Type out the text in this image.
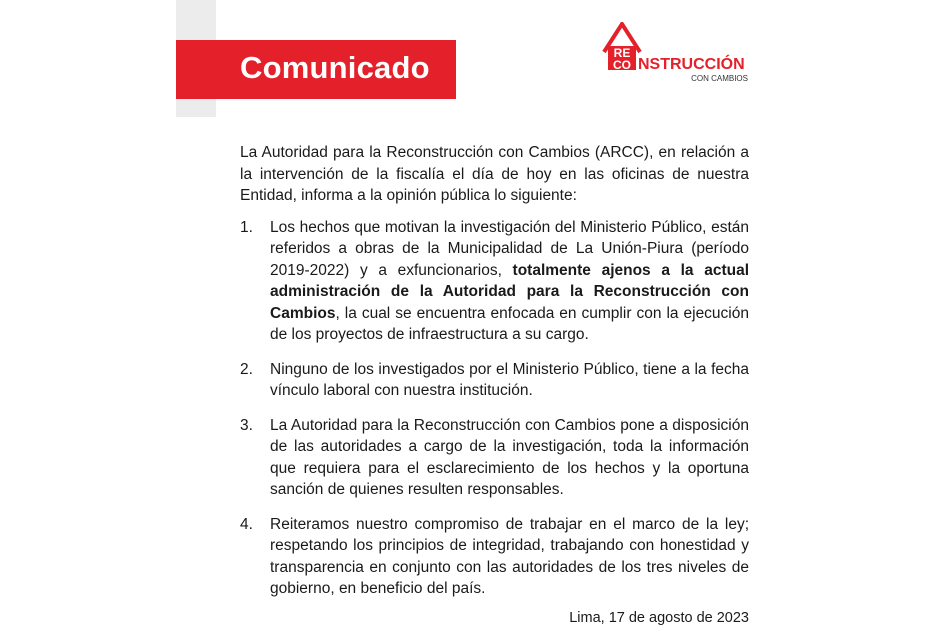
Comunicado	RE
CO NSTRUCCIÓN
CON CAMBIOS

La Autoridad para la Reconstrucción con Cambios (ARCC), en relación a la intervención de la fiscalía el día de hoy en las oficinas de nuestra Entidad, informa a la opinión pública lo siguiente:

1.	Los hechos que motivan la investigación del Ministerio Público, están referidos a obras de la Municipalidad de La Unión-Piura (período 2019-2022) y a exfuncionarios, totalmente ajenos a la actual administración de la Autoridad para la Reconstrucción con Cambios, la cual se encuentra enfocada en cumplir con la ejecución de los proyectos de infraestructura a su cargo.

2.	Ninguno de los investigados por el Ministerio Público, tiene a la fecha vínculo laboral con nuestra institución.

3.	La Autoridad para la Reconstrucción con Cambios pone a disposición de las autoridades a cargo de la investigación, toda la información que requiera para el esclarecimiento de los hechos y la oportuna sanción de quienes resulten responsables.

4.	Reiteramos nuestro compromiso de trabajar en el marco de la ley; respetando los principios de integridad, trabajando con honestidad y transparencia en conjunto con las autoridades de los tres niveles de gobierno, en beneficio del país.

Lima, 17 de agosto de 2023
